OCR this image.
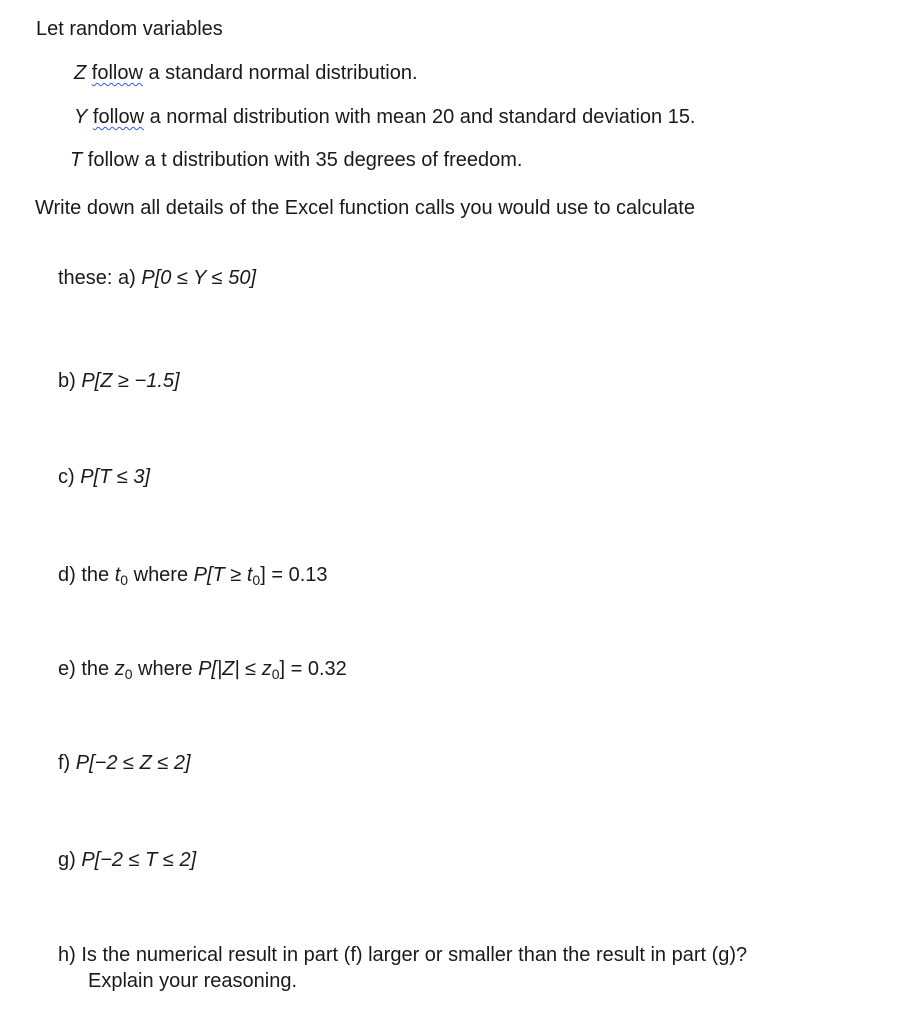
Let random variables
Z follow a standard normal distribution.
Y follow a normal distribution with mean 20 and standard deviation 15.
T follow a t distribution with 35 degrees of freedom.
Write down all details of the Excel function calls you would use to calculate
these: a) P[0 ≤ Y ≤ 50]
b) P[Z ≥ −1.5]
c) P[T ≤ 3]
d) the $t_0$ where $P[T \ge t_0] = 0.13$
e) the $z_0$ where $P[|Z| \le z_0] = 0.32$
f) P[−2 ≤ Z ≤ 2]
g) P[−2 ≤ T ≤ 2]
h) Is the numerical result in part (f) larger or smaller than the result in part (g)?
Explain your reasoning.
